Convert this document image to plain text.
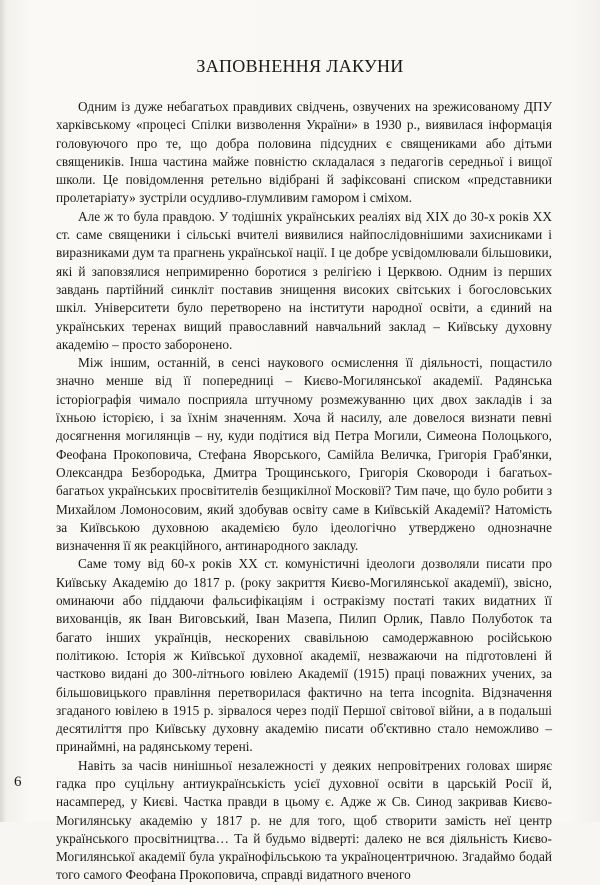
ЗАПОВНЕННЯ ЛАКУНИ

Одним із дуже небагатьох правдивих свідчень, озвучених на зрежисованому ДПУ харківському «процесі Спілки визволення України» в 1930 р., виявилася інформація головуючого про те, що добра половина підсудних є священиками або дітьми священиків. Інша частина майже повністю складалася з педагогів середньої і вищої школи. Це повідомлення ретельно відібрані й зафіксовані списком «представники пролетаріату» зустріли осудливо-глумливим гамором і сміхом.

Але ж то була правдою. У тодішніх українських реаліях від XIX до 30-х років XX ст. саме священики і сільські вчителі виявилися найпослідовнішими захисниками і виразниками дум та прагнень української нації. І це добре усвідомлювали більшовики, які й заповзялися непримиренно боротися з релігією і Церквою. Одним із перших завдань партійний синкліт поставив знищення високих світських і богословських шкіл. Університети було перетворено на інститути народної освіти, а єдиний на українських теренах вищий православний навчальний заклад – Київську духовну академію – просто заборонено.

Між іншим, останній, в сенсі наукового осмислення її діяльності, пощастило значно менше від її попередниці – Києво-Могилянської академії. Радянська історіографія чимало посприяла штучному розмежуванню цих двох закладів і за їхньою історією, і за їхнім значенням. Хоча й насилу, але довелося визнати певні досягнення могилянців – ну, куди подітися від Петра Могили, Симеона Полоцького, Феофана Прокоповича, Стефана Яворського, Самійла Величка, Григорія Граб'янки, Олександра Безбородька, Дмитра Трощинського, Григорія Сковороди і багатьох-багатьох українських просвітителів безщикілної Московії? Тим паче, що було робити з Михайлом Ломоносовим, який здобував освіту саме в Київській Академії? Натомість за Київською духовною академією було ідеологічно утверджено однозначне визначення її як реакційного, антинародного закладу.

Саме тому від 60-х років XX ст. комуністичні ідеологи дозволяли писати про Київську Академію до 1817 р. (року закриття Києво-Могилянської академії), звісно, оминаючи або піддаючи фальсифікаціям і остракізму постаті таких видатних її вихованців, як Іван Виговський, Іван Мазепа, Пилип Орлик, Павло Полуботок та багато інших українців, нескорених свавільною самодержавною російською політикою. Історія ж Київської духовної академії, незважаючи на підготовлені й частково видані до 300-літнього ювілею Академії (1915) праці поважних учених, за більшовицького правління перетворилася фактично на terra incognita. Відзначення згаданого ювілею в 1915 р. зірвалося через події Першої світової війни, а в подальші десятиліття про Київську духовну академію писати об'єктивно стало неможливо – принаймні, на радянському терені.

Навіть за часів нинішньої незалежності у деяких непровітрених головах ширяє гадка про суцільну антиукраїнськість усієї духовної освіти в царській Росії й, насамперед, у Києві. Частка правди в цьому є. Адже ж Св. Синод закривав Києво-Могилянську академію у 1817 р. не для того, щоб створити замість неї центр українського просвітництва… Та й будьмо відверті: далеко не вся діяльність Києво-Могилянської академії була українофільською та україноцентричною. Згадаймо бодай того самого Феофана Прокоповича, справді видатного вченого

6
